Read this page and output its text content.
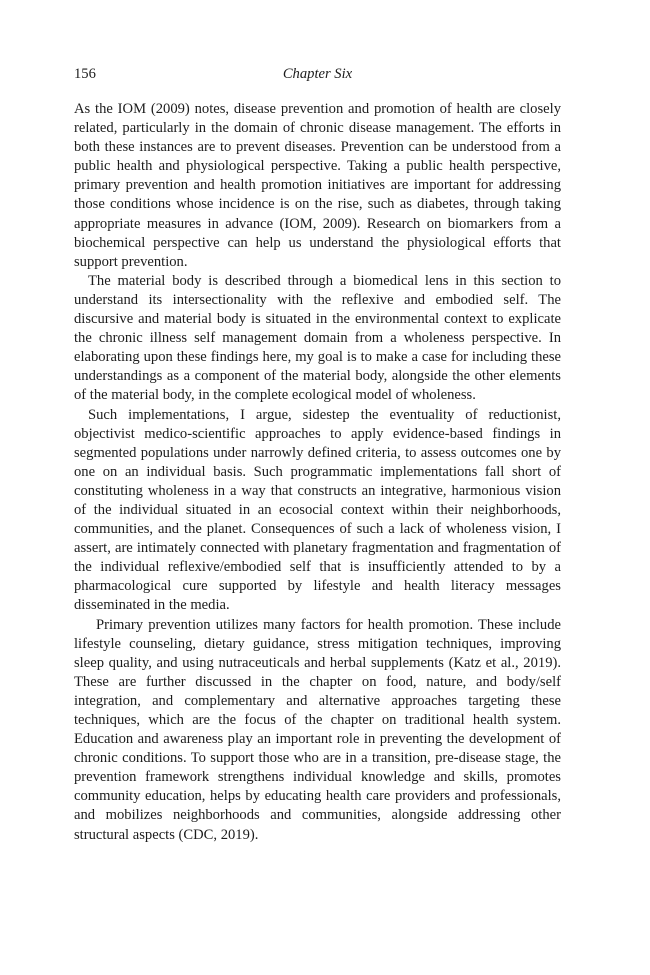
156	Chapter Six

As the IOM (2009) notes, disease prevention and promotion of health are closely related, particularly in the domain of chronic disease management. The efforts in both these instances are to prevent diseases. Prevention can be understood from a public health and physiological perspective. Taking a public health perspective, primary prevention and health promotion initiatives are important for addressing those conditions whose incidence is on the rise, such as diabetes, through taking appropriate measures in advance (IOM, 2009). Research on biomarkers from a biochemical perspective can help us understand the physiological efforts that support prevention.

The material body is described through a biomedical lens in this section to understand its intersectionality with the reflexive and embodied self. The discursive and material body is situated in the environmental context to explicate the chronic illness self management domain from a wholeness perspective. In elaborating upon these findings here, my goal is to make a case for including these understandings as a component of the material body, alongside the other elements of the material body, in the complete ecological model of wholeness.

Such implementations, I argue, sidestep the eventuality of reductionist, objectivist medico-scientific approaches to apply evidence-based findings in segmented populations under narrowly defined criteria, to assess outcomes one by one on an individual basis. Such programmatic implementations fall short of constituting wholeness in a way that constructs an integrative, harmonious vision of the individual situated in an ecosocial context within their neighborhoods, communities, and the planet. Consequences of such a lack of wholeness vision, I assert, are intimately connected with planetary fragmentation and fragmentation of the individual reflexive/embodied self that is insufficiently attended to by a pharmacological cure supported by lifestyle and health literacy messages disseminated in the media.

Primary prevention utilizes many factors for health promotion. These include lifestyle counseling, dietary guidance, stress mitigation techniques, improving sleep quality, and using nutraceuticals and herbal supplements (Katz et al., 2019). These are further discussed in the chapter on food, nature, and body/self integration, and complementary and alternative approaches targeting these techniques, which are the focus of the chapter on traditional health system. Education and awareness play an important role in preventing the development of chronic conditions. To support those who are in a transition, pre-disease stage, the prevention framework strengthens individual knowledge and skills, promotes community education, helps by educating health care providers and professionals, and mobilizes neighborhoods and communities, alongside addressing other structural aspects (CDC, 2019).
